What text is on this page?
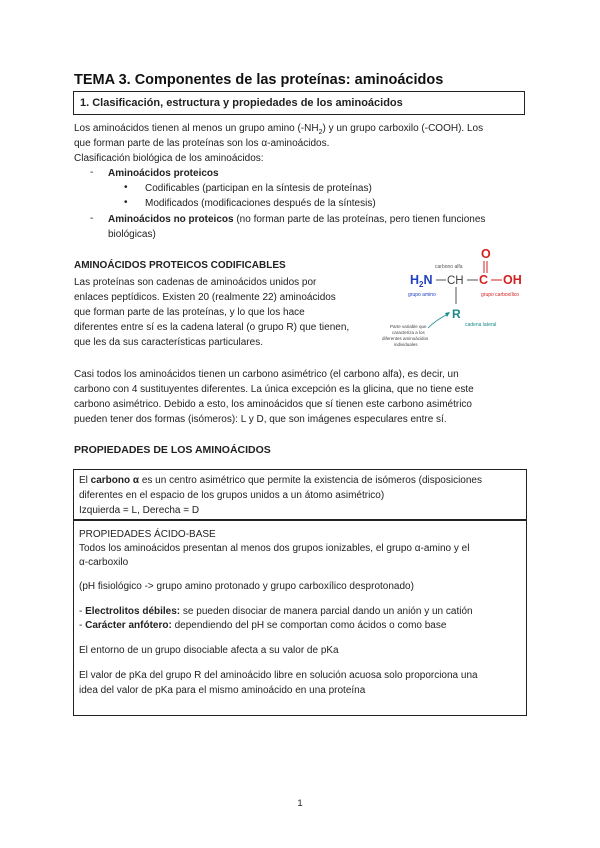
TEMA 3. Componentes de las proteínas: aminoácidos
1. Clasificación, estructura y propiedades de los aminoácidos
Los aminoácidos tienen al menos un grupo amino $(-NH_2)$ y un grupo carboxilo (-COOH). Los
que forman parte de las proteínas son los α-aminoácidos.
Clasificación biológica de los aminoácidos:
- Aminoácidos proteicos
• Codificables (participan en la síntesis de proteínas)
• Modificados (modificaciones después de la síntesis)
- Aminoácidos no proteicos (no forman parte de las proteínas, pero tienen funciones
biológicas)
AMINOÁCIDOS PROTEICOS CODIFICABLES
Las proteínas son cadenas de aminoácidos unidos por
enlaces peptídicos. Existen 20 (realmente 22) aminoácidos
que forman parte de las proteínas, y lo que los hace
diferentes entre sí es la cadena lateral (o grupo R) que tienen,
que les da sus características particulares.
carbono alfa
$H_2N$ CH C
O
OH
grupo amino	grupo carboxílico
R
cadena lateral
Parte variable que
caracteriza a los
diferentes aminoácidos
individuales
Casi todos los aminoácidos tienen un carbono asimétrico (el carbono alfa), es decir, un
carbono con 4 sustituyentes diferentes. La única excepción es la glicina, que no tiene este
carbono asimétrico. Debido a esto, los aminoácidos que sí tienen este carbono asimétrico
pueden tener dos formas (isómeros): L y D, que son imágenes especulares entre sí.
PROPIEDADES DE LOS AMINOÁCIDOS
El carbono α es un centro asimétrico que permite la existencia de isómeros (disposiciones
diferentes en el espacio de los grupos unidos a un átomo asimétrico)
Izquierda = L, Derecha = D
PROPIEDADES ÁCIDO-BASE
Todos los aminoácidos presentan al menos dos grupos ionizables, el grupo α-amino y el
α-carboxilo
(pH fisiológico -> grupo amino protonado y grupo carboxílico desprotonado)
- Electrolitos débiles: se pueden disociar de manera parcial dando un anión y un catión
- Carácter anfótero: dependiendo del pH se comportan como ácidos o como base
El entorno de un grupo disociable afecta a su valor de pKa
El valor de pKa del grupo R del aminoácido libre en solución acuosa solo proporciona una
idea del valor de pKa para el mismo aminoácido en una proteína
1
